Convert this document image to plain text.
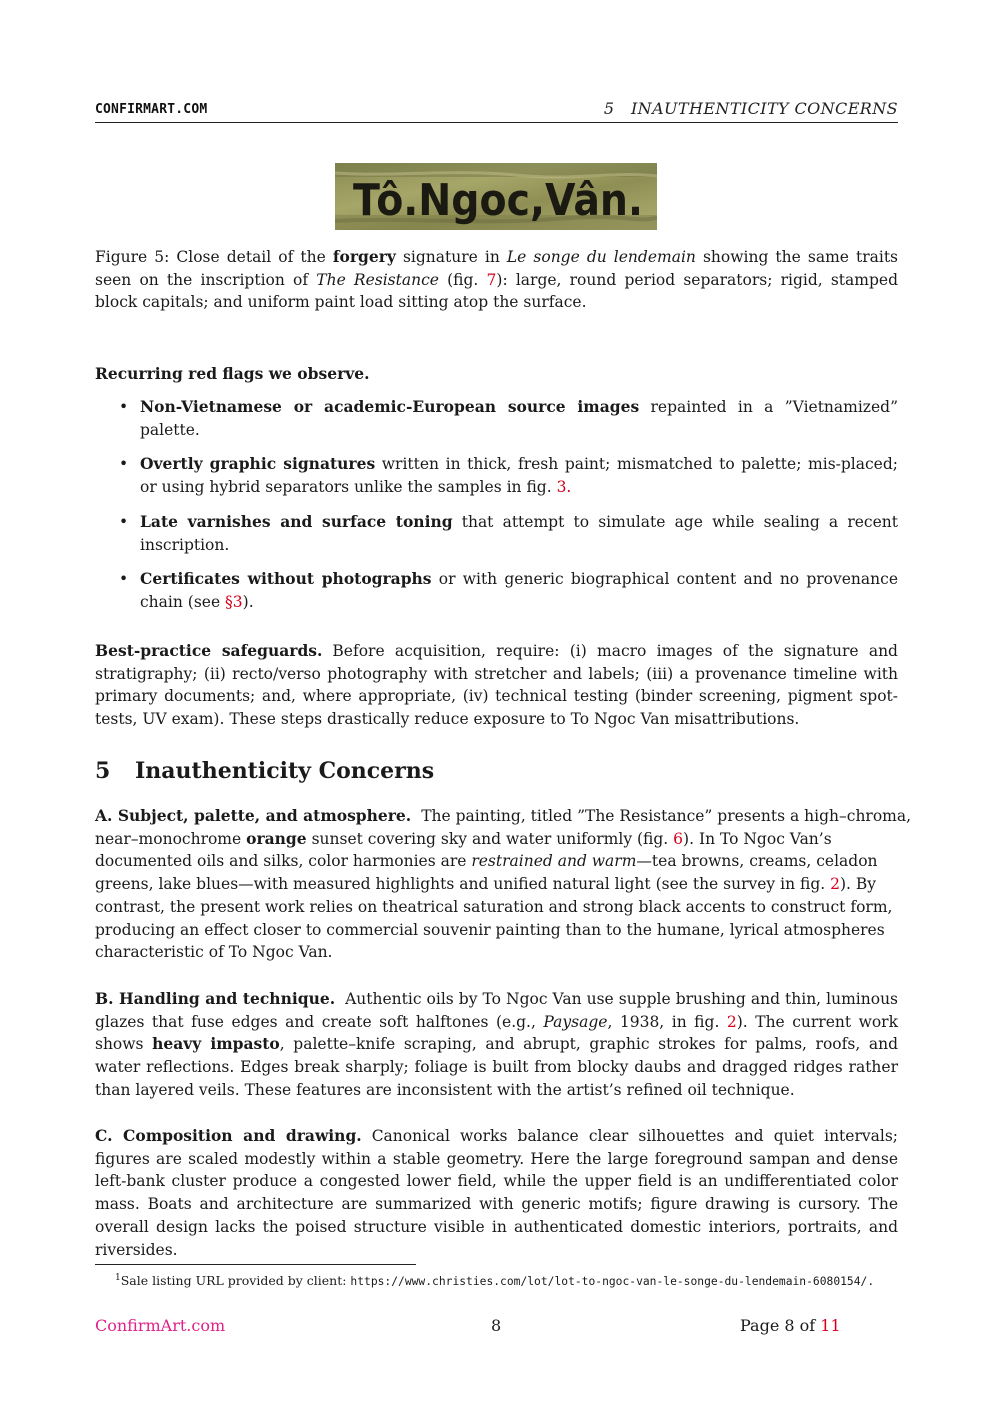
CONFIRMART.COM	5   INAUTHENTICITY CONCERNS
Tô.Ngoc,Vân.
Figure 5: Close detail of the forgery signature in Le songe du lendemain showing the same traits seen on the inscription of The Resistance (fig. 7): large, round period separators; rigid, stamped block capitals; and uniform paint load sitting atop the surface.
Recurring red flags we observe.
• Non-Vietnamese or academic-European source images repainted in a ”Vietnamized” palette.
• Overtly graphic signatures written in thick, fresh paint; mismatched to palette; mis-placed; or using hybrid separators unlike the samples in fig. 3.
• Late varnishes and surface toning that attempt to simulate age while sealing a recent inscription.
• Certificates without photographs or with generic biographical content and no provenance chain (see §3).
Best-practice safeguards. Before acquisition, require: (i) macro images of the signature and stratigraphy; (ii) recto/verso photography with stretcher and labels; (iii) a provenance timeline with primary documents; and, where appropriate, (iv) technical testing (binder screening, pigment spot-tests, UV exam). These steps drastically reduce exposure to To Ngoc Van misattributions.
5 Inauthenticity Concerns
A. Subject, palette, and atmosphere. The painting, titled ”The Resistance” presents a high–chroma, near–monochrome orange sunset covering sky and water uniformly (fig. 6). In To Ngoc Van’s documented oils and silks, color harmonies are restrained and warm—tea browns, creams, celadon greens, lake blues—with measured highlights and unified natural light (see the survey in fig. 2). By contrast, the present work relies on theatrical saturation and strong black accents to construct form, producing an effect closer to commercial souvenir painting than to the humane, lyrical atmospheres characteristic of To Ngoc Van.
B. Handling and technique. Authentic oils by To Ngoc Van use supple brushing and thin, luminous glazes that fuse edges and create soft halftones (e.g., Paysage, 1938, in fig. 2). The current work shows heavy impasto, palette–knife scraping, and abrupt, graphic strokes for palms, roofs, and water reflections. Edges break sharply; foliage is built from blocky daubs and dragged ridges rather than layered veils. These features are inconsistent with the artist’s refined oil technique.
C. Composition and drawing. Canonical works balance clear silhouettes and quiet intervals; figures are scaled modestly within a stable geometry. Here the large foreground sampan and dense left-bank cluster produce a congested lower field, while the upper field is an undifferentiated color mass. Boats and architecture are summarized with generic motifs; figure drawing is cursory. The overall design lacks the poised structure visible in authenticated domestic interiors, portraits, and riversides.
$^1$Sale listing URL provided by client: https://www.christies.com/lot/lot-to-ngoc-van-le-songe-du-lendemain-6080154/.
ConfirmArt.com	8	Page 8 of 11
